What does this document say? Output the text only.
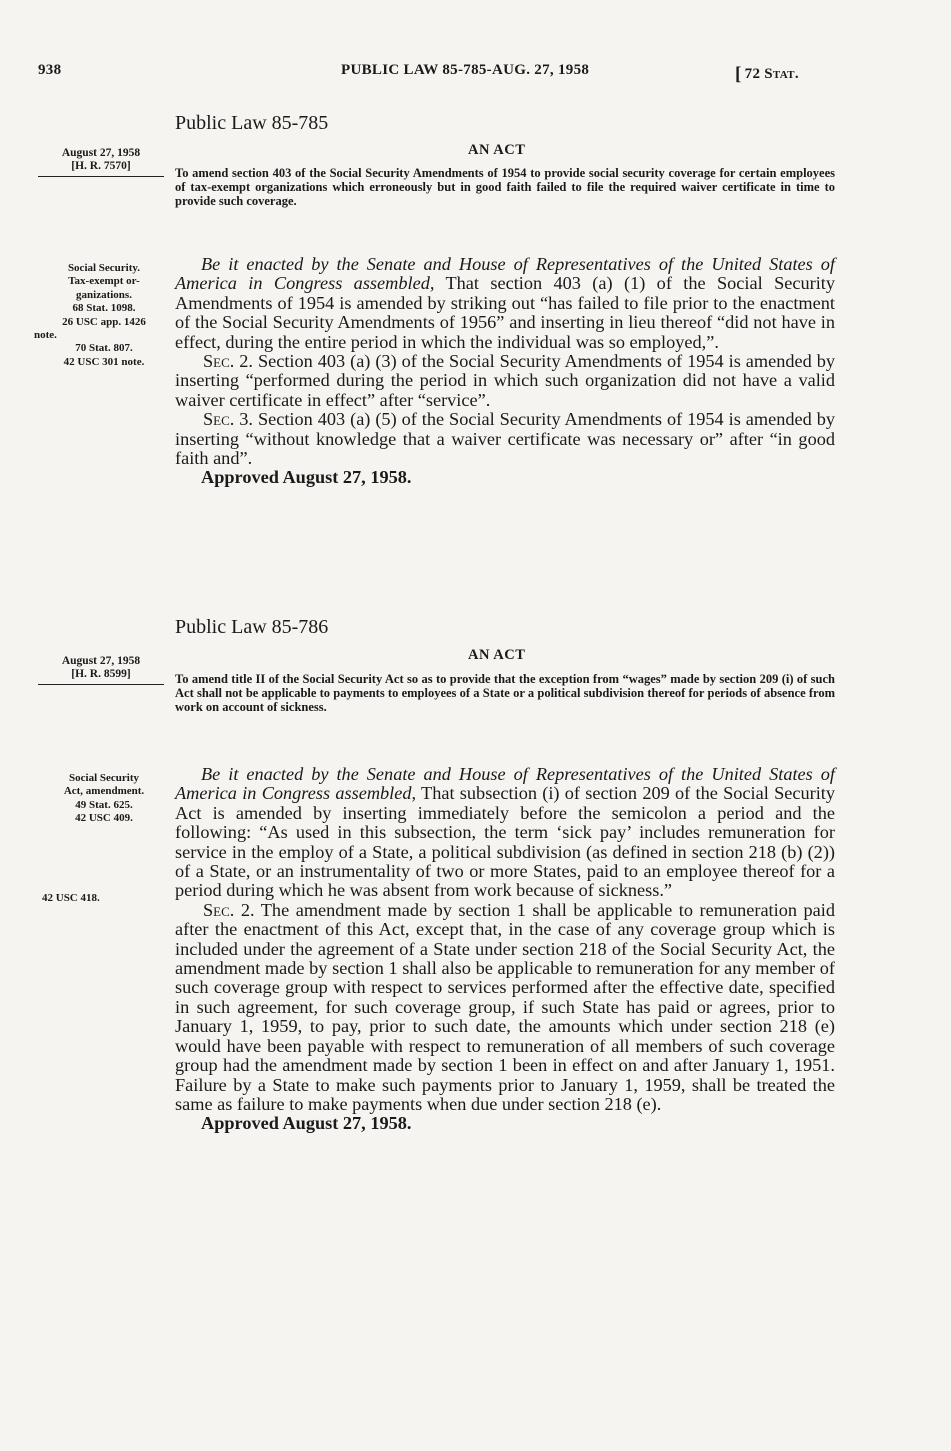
938	PUBLIC LAW 85-785-AUG. 27, 1958	[ 72 Stat.
Public Law 85-785
August 27, 1958
[H. R. 7570]
AN ACT
To amend section 403 of the Social Security Amendments of 1954 to provide social security coverage for certain employees of tax-exempt organizations which erroneously but in good faith failed to file the required waiver certificate in time to provide such coverage.
Social Security.
Tax-exempt or-
ganizations.
68 Stat. 1098.
26 USC app. 1426
note.
70 Stat. 807.
42 USC 301 note.

Be it enacted by the Senate and House of Representatives of the United States of America in Congress assembled, That section 403 (a) (1) of the Social Security Amendments of 1954 is amended by striking out “has failed to file prior to the enactment of the Social Security Amendments of 1956” and inserting in lieu thereof “did not have in effect, during the entire period in which the individual was so employed,”.

Sec. 2. Section 403 (a) (3) of the Social Security Amendments of 1954 is amended by inserting “performed during the period in which such organization did not have a valid waiver certificate in effect” after “service”.

Sec. 3. Section 403 (a) (5) of the Social Security Amendments of 1954 is amended by inserting “without knowledge that a waiver certificate was necessary or” after “in good faith and”.

Approved August 27, 1958.

Public Law 85-786
August 27, 1958
[H. R. 8599]
AN ACT
To amend title II of the Social Security Act so as to provide that the exception from “wages” made by section 209 (i) of such Act shall not be applicable to payments to employees of a State or a political subdivision thereof for periods of absence from work on account of sickness.
Social Security
Act, amendment.
49 Stat. 625.
42 USC 409.
42 USC 418.

Be it enacted by the Senate and House of Representatives of the United States of America in Congress assembled, That subsection (i) of section 209 of the Social Security Act is amended by inserting immediately before the semicolon a period and the following: “As used in this subsection, the term ‘sick pay’ includes remuneration for service in the employ of a State, a political subdivision (as defined in section 218 (b) (2)) of a State, or an instrumentality of two or more States, paid to an employee thereof for a period during which he was absent from work because of sickness.”

Sec. 2. The amendment made by section 1 shall be applicable to remuneration paid after the enactment of this Act, except that, in the case of any coverage group which is included under the agreement of a State under section 218 of the Social Security Act, the amendment made by section 1 shall also be applicable to remuneration for any member of such coverage group with respect to services performed after the effective date, specified in such agreement, for such coverage group, if such State has paid or agrees, prior to January 1, 1959, to pay, prior to such date, the amounts which under section 218 (e) would have been payable with respect to remuneration of all members of such coverage group had the amendment made by section 1 been in effect on and after January 1, 1951. Failure by a State to make such payments prior to January 1, 1959, shall be treated the same as failure to make payments when due under section 218 (e).

Approved August 27, 1958.
